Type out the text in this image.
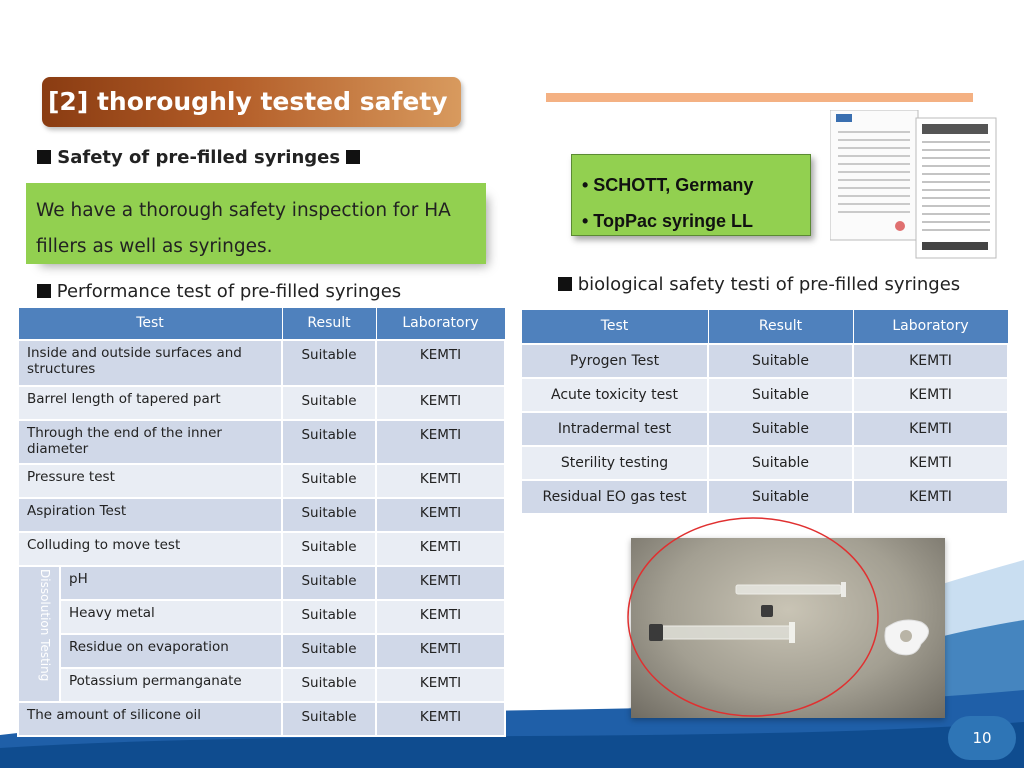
[2] thoroughly tested safety
Safety of pre-filled syringes
We have a thorough safety inspection for HA fillers as well as syringes.
• SCHOTT, Germany
• TopPac syringe LL
Performance test of pre-filled syringes
Test		Result	Laboratory
Inside and outside surfaces and structures		Suitable	KEMTI
Barrel length of tapered part		Suitable	KEMTI
Through the end of the inner diameter		Suitable	KEMTI
Pressure test		Suitable	KEMTI
Aspiration Test		Suitable	KEMTI
Colluding to move test		Suitable	KEMTI

Dissolution Testing	pH	Suitable	KEMTI
	Heavy metal	Suitable	KEMTI
	Residue on evaporation	Suitable	KEMTI
	Potassium permanganate	Suitable	KEMTI
The amount of silicone oil		Suitable	KEMTI
biological safety testi of pre-filled syringes
Test	Result	Laboratory
Pyrogen Test	Suitable	KEMTI
Acute toxicity test	Suitable	KEMTI
Intradermal test	Suitable	KEMTI
Sterility testing	Suitable	KEMTI
Residual EO gas test	Suitable	KEMTI
10
